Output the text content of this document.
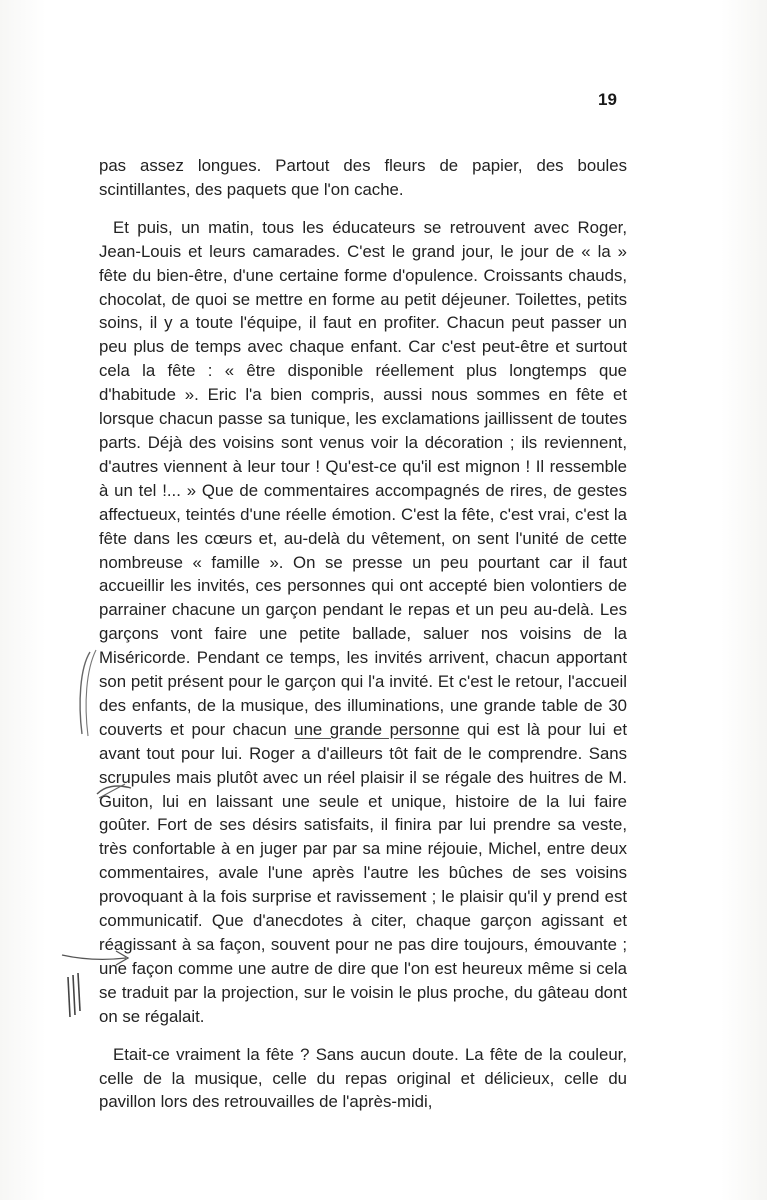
19

pas assez longues. Partout des fleurs de papier, des boules scintillantes, des paquets que l'on cache.

Et puis, un matin, tous les éducateurs se retrouvent avec Roger, Jean-Louis et leurs camarades. C'est le grand jour, le jour de « la » fête du bien-être, d'une certaine forme d'opulence. Croissants chauds, chocolat, de quoi se mettre en forme au petit déjeuner. Toilettes, petits soins, il y a toute l'équipe, il faut en profiter. Chacun peut passer un peu plus de temps avec chaque enfant. Car c'est peut-être et surtout cela la fête : « être disponible réellement plus longtemps que d'habitude ». Eric l'a bien compris, aussi nous sommes en fête et lorsque chacun passe sa tunique, les exclamations jaillissent de toutes parts. Déjà des voisins sont venus voir la décoration ; ils reviennent, d'autres viennent à leur tour ! Qu'est-ce qu'il est mignon ! Il ressemble à un tel !... » Que de commentaires accompagnés de rires, de gestes affectueux, teintés d'une réelle émotion. C'est la fête, c'est vrai, c'est la fête dans les cœurs et, au-delà du vêtement, on sent l'unité de cette nombreuse « famille ». On se presse un peu pourtant car il faut accueillir les invités, ces personnes qui ont accepté bien volontiers de parrainer chacune un garçon pendant le repas et un peu au-delà. Les garçons vont faire une petite ballade, saluer nos voisins de la Miséricorde. Pendant ce temps, les invités arrivent, chacun apportant son petit présent pour le garçon qui l'a invité. Et c'est le retour, l'accueil des enfants, de la musique, des illuminations, une grande table de 30 couverts et pour chacun une grande personne qui est là pour lui et avant tout pour lui. Roger a d'ailleurs tôt fait de le comprendre. Sans scrupules mais plutôt avec un réel plaisir il se régale des huitres de M. Guiton, lui en laissant une seule et unique, histoire de la lui faire goûter. Fort de ses désirs satisfaits, il finira par lui prendre sa veste, très confortable à en juger par par sa mine réjouie, Michel, entre deux commentaires, avale l'une après l'autre les bûches de ses voisins provoquant à la fois surprise et ravissement ; le plaisir qu'il y prend est communicatif. Que d'anecdotes à citer, chaque garçon agissant et réagissant à sa façon, souvent pour ne pas dire toujours, émouvante ; une façon comme une autre de dire que l'on est heureux même si cela se traduit par la projection, sur le voisin le plus proche, du gâteau dont on se régalait.

Etait-ce vraiment la fête ? Sans aucun doute. La fête de la couleur, celle de la musique, celle du repas original et délicieux, celle du pavillon lors des retrouvailles de l'après-midi,
